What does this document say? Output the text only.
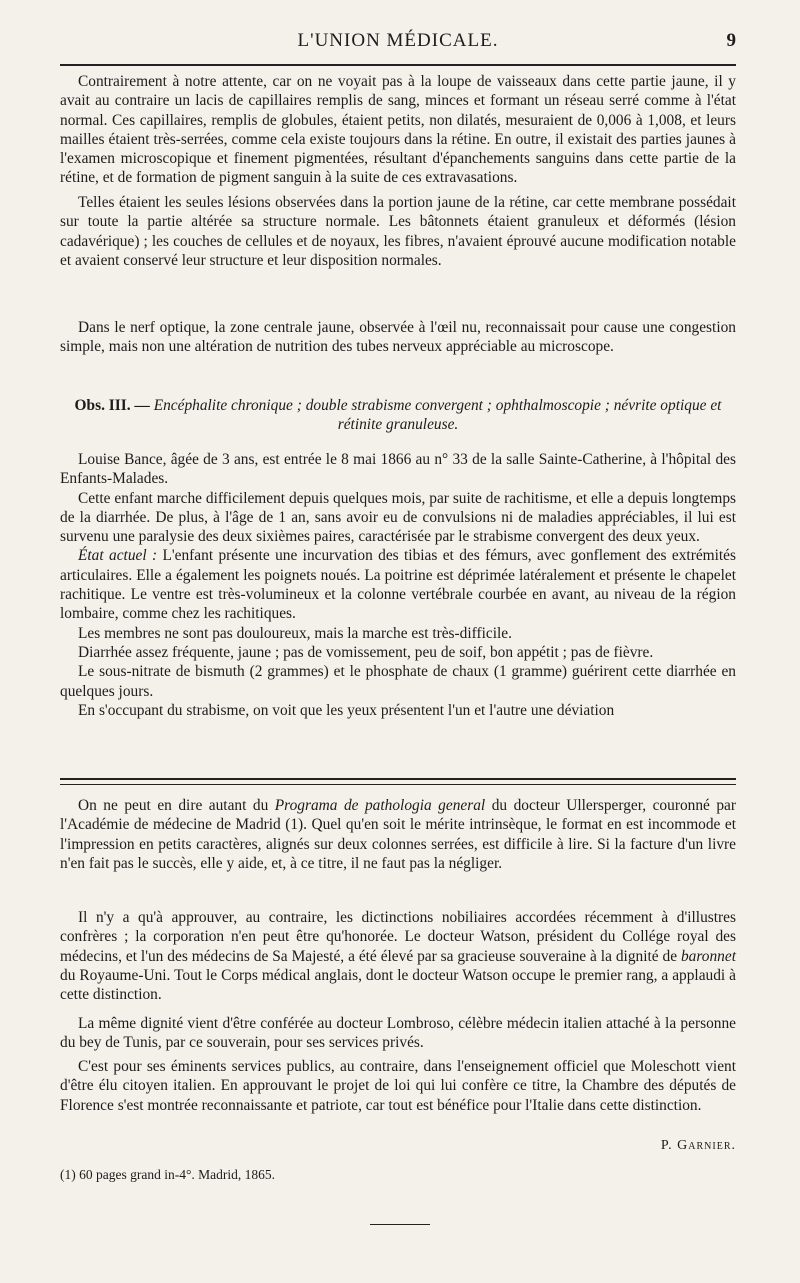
L'UNION MÉDICALE.	9

Contrairement à notre attente, car on ne voyait pas à la loupe de vaisseaux dans cette partie jaune, il y avait au contraire un lacis de capillaires remplis de sang, minces et formant un réseau serré comme à l'état normal. Ces capillaires, remplis de globules, étaient petits, non dilatés, mesuraient de 0,006 à 1,008, et leurs mailles étaient très-serrées, comme cela existe toujours dans la rétine. En outre, il existait des parties jaunes à l'examen microscopique et finement pigmentées, résultant d'épanchements sanguins dans cette partie de la rétine, et de formation de pigment sanguin à la suite de ces extravasations.

Telles étaient les seules lésions observées dans la portion jaune de la rétine, car cette membrane possédait sur toute la partie altérée sa structure normale. Les bâtonnets étaient granuleux et déformés (lésion cadavérique) ; les couches de cellules et de noyaux, les fibres, n'avaient éprouvé aucune modification notable et avaient conservé leur structure et leur disposition normales.

Dans le nerf optique, la zone centrale jaune, observée à l'œil nu, reconnaissait pour cause une congestion simple, mais non une altération de nutrition des tubes nerveux appréciable au microscope.

Obs. III. — Encéphalite chronique ; double strabisme convergent ; ophthalmoscopie ; névrite optique et rétinite granuleuse.

Louise Bance, âgée de 3 ans, est entrée le 8 mai 1866 au n° 33 de la salle Sainte-Catherine, à l'hôpital des Enfants-Malades.

Cette enfant marche difficilement depuis quelques mois, par suite de rachitisme, et elle a depuis longtemps de la diarrhée. De plus, à l'âge de 1 an, sans avoir eu de convulsions ni de maladies appréciables, il lui est survenu une paralysie des deux sixièmes paires, caractérisée par le strabisme convergent des deux yeux.

État actuel : L'enfant présente une incurvation des tibias et des fémurs, avec gonflement des extrémités articulaires. Elle a également les poignets noués. La poitrine est déprimée latéralement et présente le chapelet rachitique. Le ventre est très-volumineux et la colonne vertébrale courbée en avant, au niveau de la région lombaire, comme chez les rachitiques.

Les membres ne sont pas douloureux, mais la marche est très-difficile.

Diarrhée assez fréquente, jaune ; pas de vomissement, peu de soif, bon appétit ; pas de fièvre.

Le sous-nitrate de bismuth (2 grammes) et le phosphate de chaux (1 gramme) guérirent cette diarrhée en quelques jours.

En s'occupant du strabisme, on voit que les yeux présentent l'un et l'autre une déviation

On ne peut en dire autant du Programa de pathologia general du docteur Ullersperger, couronné par l'Académie de médecine de Madrid (1). Quel qu'en soit le mérite intrinsèque, le format en est incommode et l'impression en petits caractères, alignés sur deux colonnes serrées, est difficile à lire. Si la facture d'un livre n'en fait pas le succès, elle y aide, et, à ce titre, il ne faut pas la négliger.

Il n'y a qu'à approuver, au contraire, les dictinctions nobiliaires accordées récemment à d'illustres confrères ; la corporation n'en peut être qu'honorée. Le docteur Watson, président du Collége royal des médecins, et l'un des médecins de Sa Majesté, a été élevé par sa gracieuse souveraine à la dignité de baronnet du Royaume-Uni. Tout le Corps médical anglais, dont le docteur Watson occupe le premier rang, a applaudi à cette distinction.

La même dignité vient d'être conférée au docteur Lombroso, célèbre médecin italien attaché à la personne du bey de Tunis, par ce souverain, pour ses services privés.

C'est pour ses éminents services publics, au contraire, dans l'enseignement officiel que Moleschott vient d'être élu citoyen italien. En approuvant le projet de loi qui lui confère ce titre, la Chambre des députés de Florence s'est montrée reconnaissante et patriote, car tout est bénéfice pour l'Italie dans cette distinction.

P. Garnier.
(1) 60 pages grand in-4°. Madrid, 1865.
